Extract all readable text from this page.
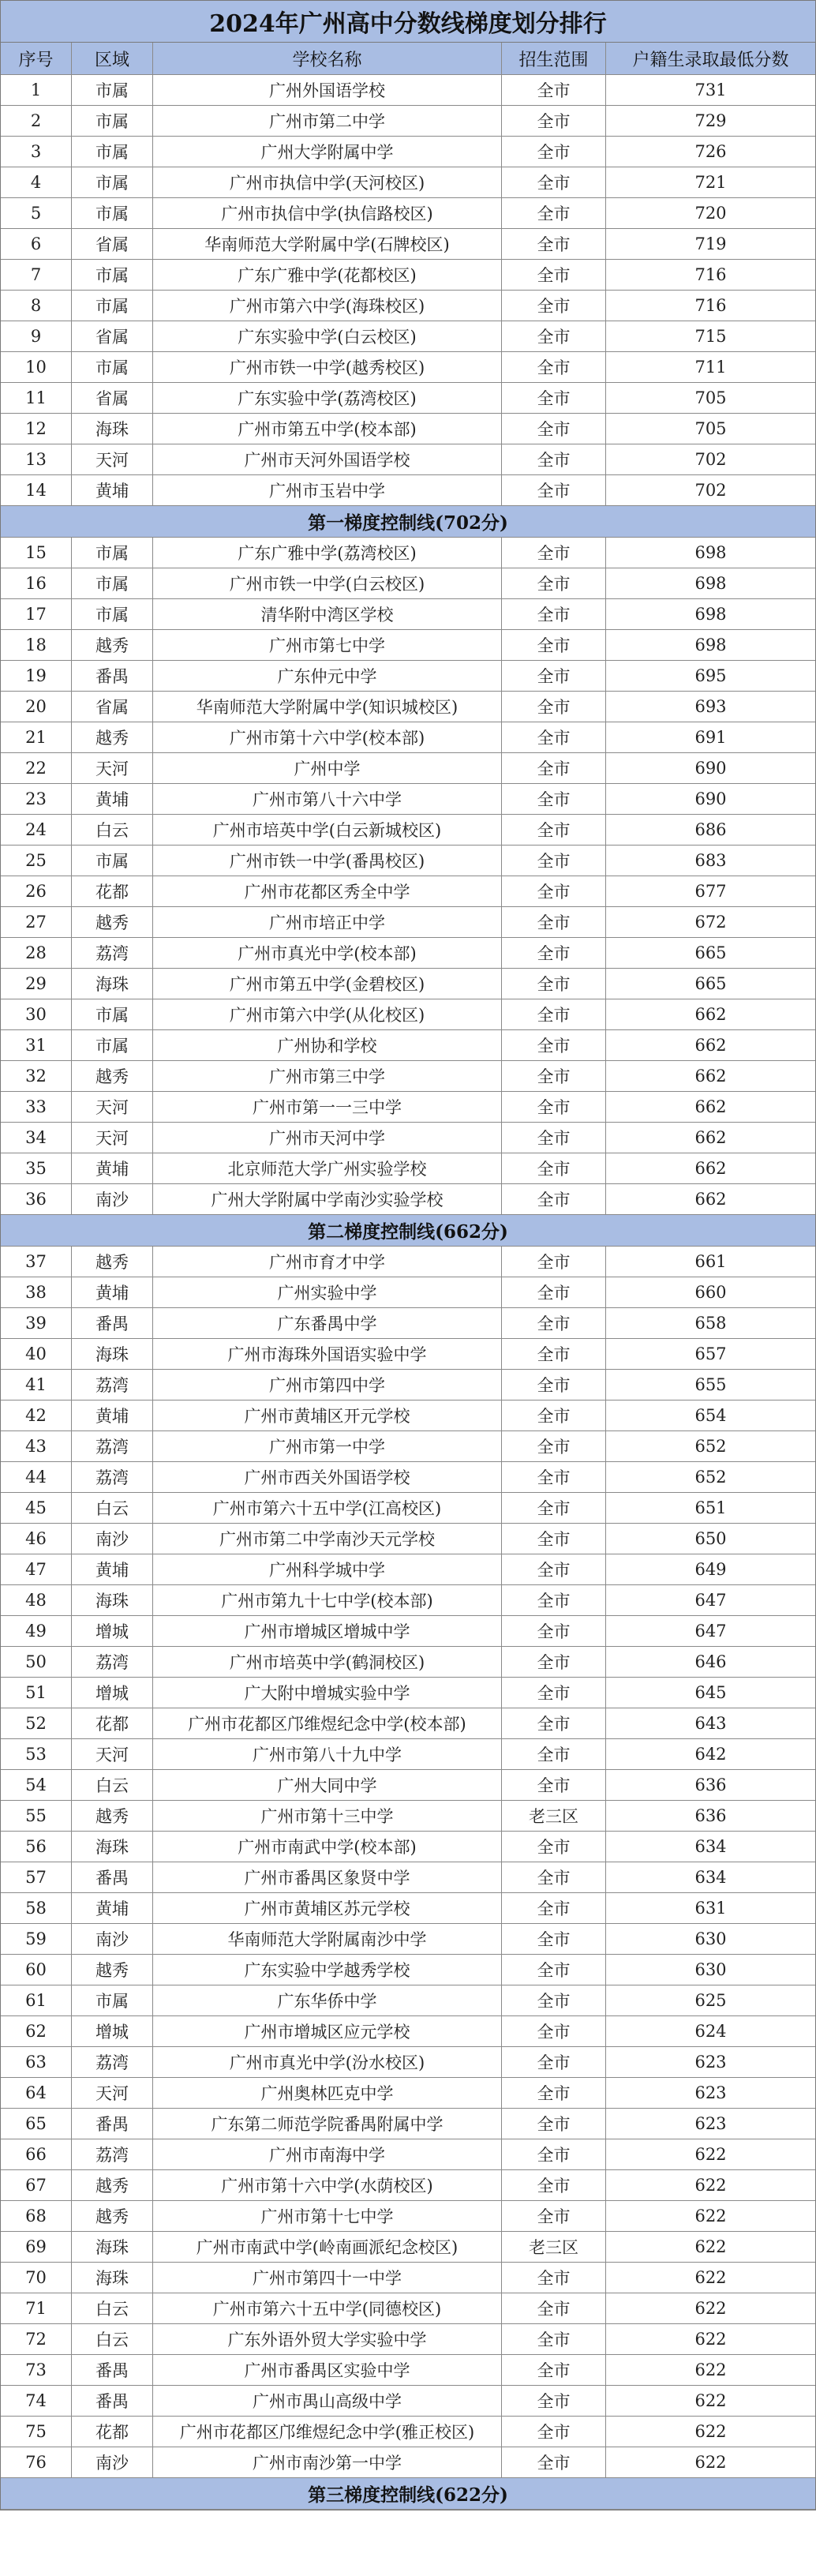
2024年广州高中分数线梯度划分排行
序号	区域	学校名称	招生范围	户籍生录取最低分数
1	市属	广州外国语学校	全市	731
2	市属	广州市第二中学	全市	729
3	市属	广州大学附属中学	全市	726
4	市属	广州市执信中学(天河校区)	全市	721
5	市属	广州市执信中学(执信路校区)	全市	720
6	省属	华南师范大学附属中学(石牌校区)	全市	719
7	市属	广东广雅中学(花都校区)	全市	716
8	市属	广州市第六中学(海珠校区)	全市	716
9	省属	广东实验中学(白云校区)	全市	715
10	市属	广州市铁一中学(越秀校区)	全市	711
11	省属	广东实验中学(荔湾校区)	全市	705
12	海珠	广州市第五中学(校本部)	全市	705
13	天河	广州市天河外国语学校	全市	702
14	黄埔	广州市玉岩中学	全市	702
第一梯度控制线(702分)
15	市属	广东广雅中学(荔湾校区)	全市	698
16	市属	广州市铁一中学(白云校区)	全市	698
17	市属	清华附中湾区学校	全市	698
18	越秀	广州市第七中学	全市	698
19	番禺	广东仲元中学	全市	695
20	省属	华南师范大学附属中学(知识城校区)	全市	693
21	越秀	广州市第十六中学(校本部)	全市	691
22	天河	广州中学	全市	690
23	黄埔	广州市第八十六中学	全市	690
24	白云	广州市培英中学(白云新城校区)	全市	686
25	市属	广州市铁一中学(番禺校区)	全市	683
26	花都	广州市花都区秀全中学	全市	677
27	越秀	广州市培正中学	全市	672
28	荔湾	广州市真光中学(校本部)	全市	665
29	海珠	广州市第五中学(金碧校区)	全市	665
30	市属	广州市第六中学(从化校区)	全市	662
31	市属	广州协和学校	全市	662
32	越秀	广州市第三中学	全市	662
33	天河	广州市第一一三中学	全市	662
34	天河	广州市天河中学	全市	662
35	黄埔	北京师范大学广州实验学校	全市	662
36	南沙	广州大学附属中学南沙实验学校	全市	662
第二梯度控制线(662分)
37	越秀	广州市育才中学	全市	661
38	黄埔	广州实验中学	全市	660
39	番禺	广东番禺中学	全市	658
40	海珠	广州市海珠外国语实验中学	全市	657
41	荔湾	广州市第四中学	全市	655
42	黄埔	广州市黄埔区开元学校	全市	654
43	荔湾	广州市第一中学	全市	652
44	荔湾	广州市西关外国语学校	全市	652
45	白云	广州市第六十五中学(江高校区)	全市	651
46	南沙	广州市第二中学南沙天元学校	全市	650
47	黄埔	广州科学城中学	全市	649
48	海珠	广州市第九十七中学(校本部)	全市	647
49	增城	广州市增城区增城中学	全市	647
50	荔湾	广州市培英中学(鹤洞校区)	全市	646
51	增城	广大附中增城实验中学	全市	645
52	花都	广州市花都区邝维煜纪念中学(校本部)	全市	643
53	天河	广州市第八十九中学	全市	642
54	白云	广州大同中学	全市	636
55	越秀	广州市第十三中学	老三区	636
56	海珠	广州市南武中学(校本部)	全市	634
57	番禺	广州市番禺区象贤中学	全市	634
58	黄埔	广州市黄埔区苏元学校	全市	631
59	南沙	华南师范大学附属南沙中学	全市	630
60	越秀	广东实验中学越秀学校	全市	630
61	市属	广东华侨中学	全市	625
62	增城	广州市增城区应元学校	全市	624
63	荔湾	广州市真光中学(汾水校区)	全市	623
64	天河	广州奥林匹克中学	全市	623
65	番禺	广东第二师范学院番禺附属中学	全市	623
66	荔湾	广州市南海中学	全市	622
67	越秀	广州市第十六中学(水荫校区)	全市	622
68	越秀	广州市第十七中学	全市	622
69	海珠	广州市南武中学(岭南画派纪念校区)	老三区	622
70	海珠	广州市第四十一中学	全市	622
71	白云	广州市第六十五中学(同德校区)	全市	622
72	白云	广东外语外贸大学实验中学	全市	622
73	番禺	广州市番禺区实验中学	全市	622
74	番禺	广州市禺山高级中学	全市	622
75	花都	广州市花都区邝维煜纪念中学(雅正校区)	全市	622
76	南沙	广州市南沙第一中学	全市	622
第三梯度控制线(622分)
